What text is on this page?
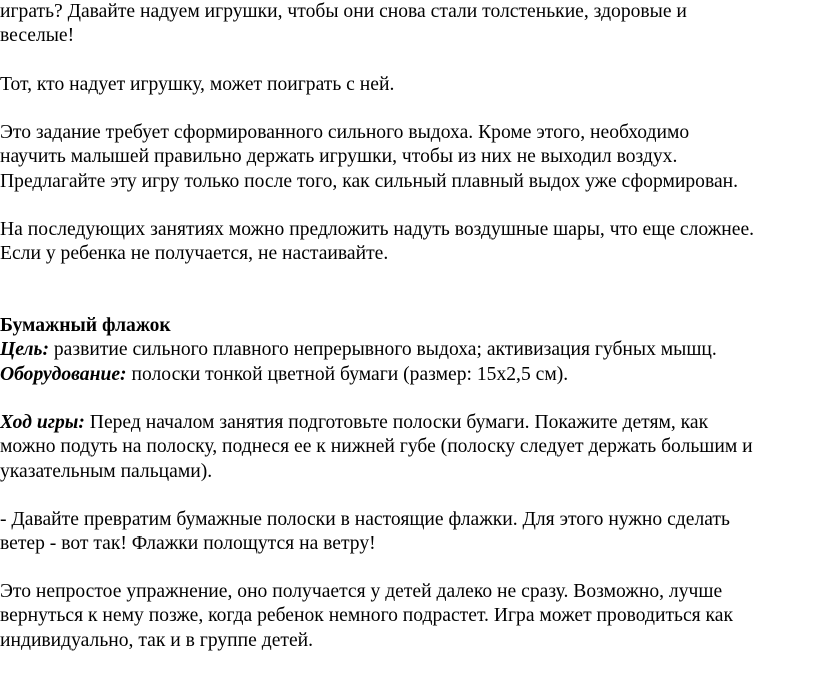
играть? Давайте надуем игрушки, чтобы они снова стали толстенькие, здоровые и
веселые!
Тот, кто надует игрушку, может поиграть с ней.
Это задание требует сформированного сильного выдоха. Кроме этого, необходимо
научить малышей правильно держать игрушки, чтобы из них не выходил воздух.
Предлагайте эту игру только после того, как сильный плавный выдох уже сформирован.
На последующих занятиях можно предложить надуть воздушные шары, что еще сложнее.
Если у ребенка не получается, не настаивайте.
Бумажный флажок
Цель: развитие сильного плавного непрерывного выдоха; активизация губных мышц.
Оборудование: полоски тонкой цветной бумаги (размер: 15х2,5 см).
Ход игры: Перед началом занятия подготовьте полоски бумаги. Покажите детям, как
можно подуть на полоску, поднеся ее к нижней губе (полоску следует держать большим и
указательным пальцами).
- Давайте превратим бумажные полоски в настоящие флажки. Для этого нужно сделать
ветер - вот так! Флажки полощутся на ветру!
Это непростое упражнение, оно получается у детей далеко не сразу. Возможно, лучше
вернуться к нему позже, когда ребенок немного подрастет. Игра может проводиться как
индивидуально, так и в группе детей.
